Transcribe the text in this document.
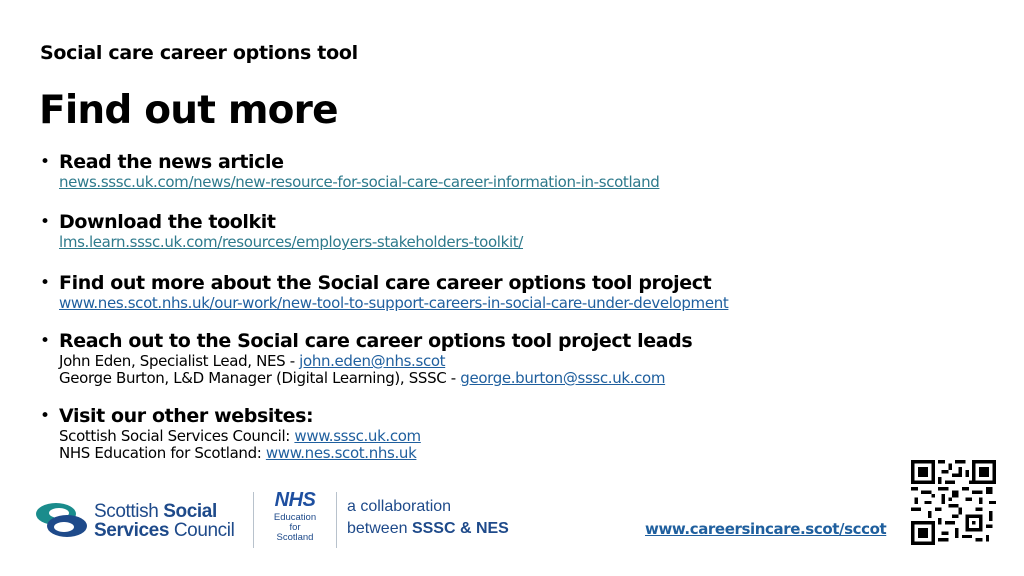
Social care career options tool
Find out more
• Read the news article
news.sssc.uk.com/news/new-resource-for-social-care-career-information-in-scotland
• Download the toolkit
lms.learn.sssc.uk.com/resources/employers-stakeholders-toolkit/
• Find out more about the Social care career options tool project
www.nes.scot.nhs.uk/our-work/new-tool-to-support-careers-in-social-care-under-development
• Reach out to the Social care career options tool project leads
John Eden, Specialist Lead, NES - john.eden@nhs.scot
George Burton, L&D Manager (Digital Learning), SSSC - george.burton@sssc.uk.com
• Visit our other websites:
Scottish Social Services Council: www.sssc.uk.com
NHS Education for Scotland: www.nes.scot.nhs.uk
Scottish Social
Services Council
NHS
Education
for
Scotland
a collaboration
between SSSC & NES	www.careersincare.scot/sccot
